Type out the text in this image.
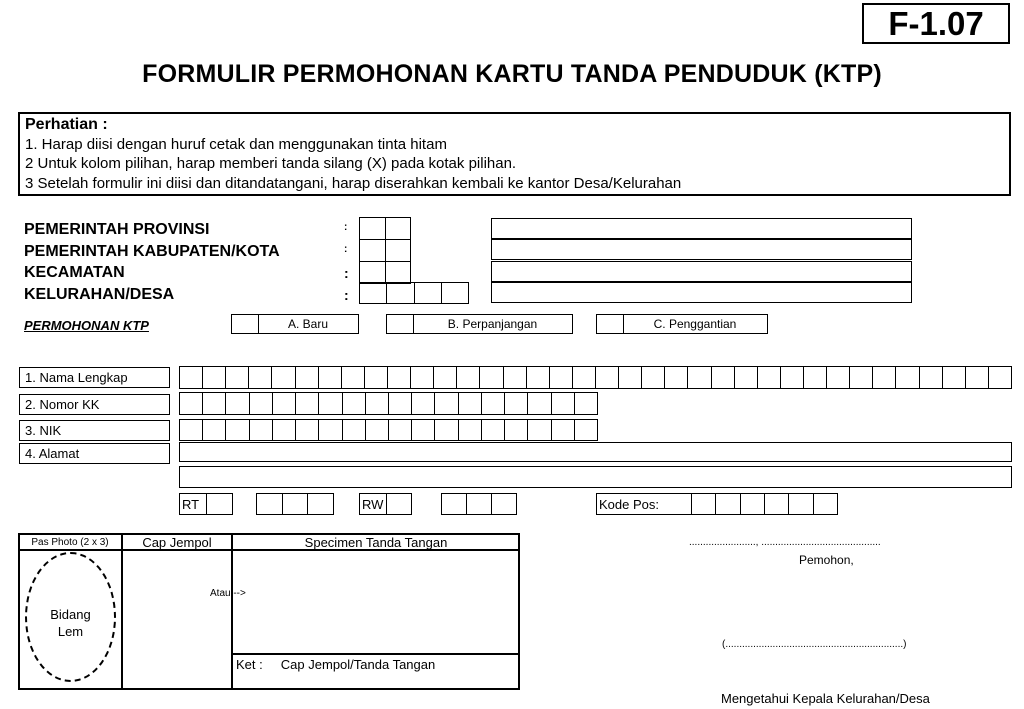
F-1.07
FORMULIR PERMOHONAN KARTU TANDA PENDUDUK (KTP)
Perhatian :
1. Harap diisi dengan huruf cetak dan menggunakan tinta hitam
2 Untuk kolom pilihan, harap memberi tanda silang (X) pada kotak pilihan.
3 Setelah formulir ini diisi dan ditandatangani, harap diserahkan kembali ke kantor Desa/Kelurahan
PEMERINTAH PROVINSI
PEMERINTAH KABUPATEN/KOTA
KECAMATAN
KELURAHAN/DESA
:
:
:
:
PERMOHONAN KTP	A. Baru	B. Perpanjangan	C. Penggantian
1. Nama Lengkap
2. Nomor KK
3. NIK
4. Alamat
RT	RW	Kode Pos:
Pas Photo (2 x 3)	Cap Jempol	Specimen Tanda Tangan
Bidang
Lem
Atau -->
Ket :     Cap Jempol/Tanda Tangan
........................, ...........................................
Pemohon,
(................................................................)
Mengetahui Kepala Kelurahan/Desa
